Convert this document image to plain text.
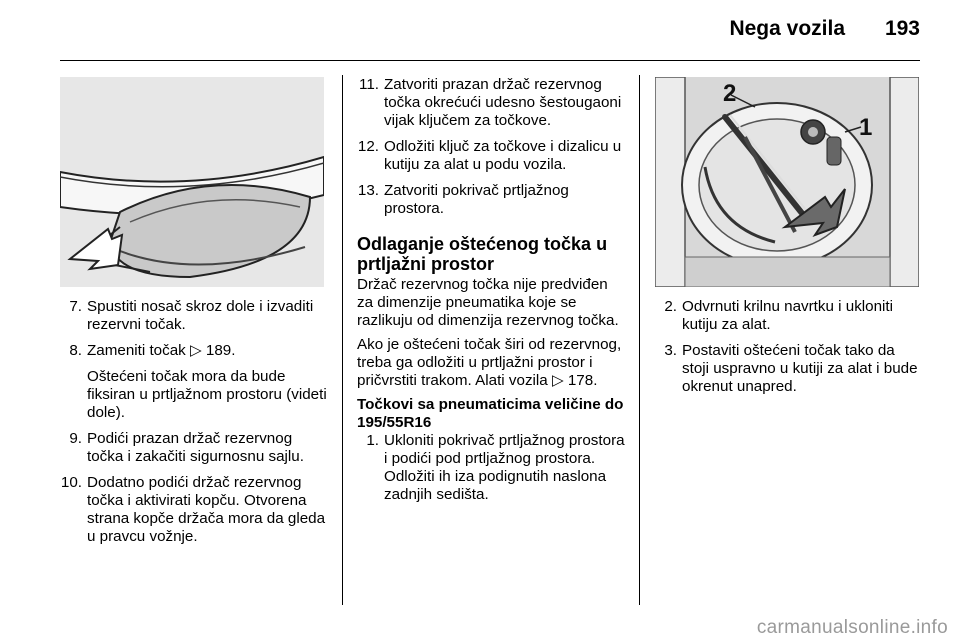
Nega vozila	193
2
1
7. Spustiti nosač skroz dole i izvaditi rezervni točak.
8. Zameniti točak ▷ 189.
Oštećeni točak mora da bude fiksiran u prtljažnom prostoru (videti dole).
9. Podići prazan držač rezervnog točka i zakačiti sigurnosnu sajlu.
10. Dodatno podići držač rezervnog točka i aktivirati kopču. Otvorena strana kopče držača mora da gleda u pravcu vožnje.
11. Zatvoriti prazan držač rezervnog točka okrećući udesno šestougaoni vijak ključem za točkove.
12. Odložiti ključ za točkove i dizalicu u kutiju za alat u podu vozila.
13. Zatvoriti pokrivač prtljažnog prostora.
Odlaganje oštećenog točka u prtljažni prostor

Držač rezervnog točka nije predviđen za dimenzije pneumatika koje se razlikuju od dimenzija rezervnog točka.

Ako je oštećeni točak širi od rezervnog, treba ga odložiti u prtljažni prostor i pričvrstiti trakom. Alati vozila ▷ 178.

Točkovi sa pneumaticima veličine do 195/55R16
1. Ukloniti pokrivač prtljažnog prostora i podići pod prtljažnog prostora. Odložiti ih iza podignutih naslona zadnjih sedišta.
2. Odvrnuti krilnu navrtku i ukloniti kutiju za alat.
3. Postaviti oštećeni točak tako da stoji uspravno u kutiji za alat i bude okrenut unapred.
carmanualsonline.info
